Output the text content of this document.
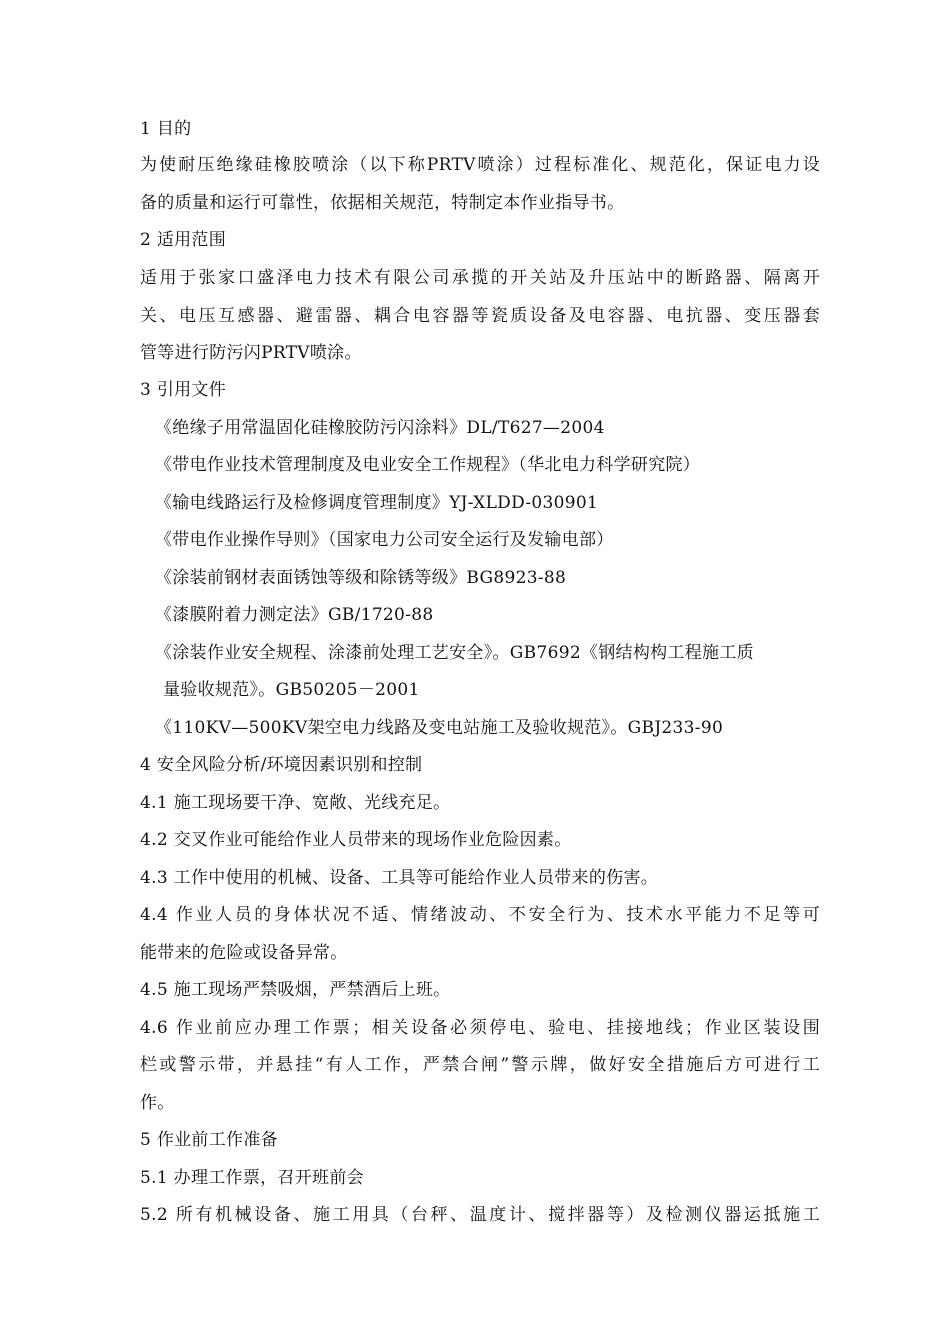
1 目的
为使耐压绝缘硅橡胶喷涂（以下称PRTV喷涂）过程标准化、规范化，保证电力设
备的质量和运行可靠性，依据相关规范，特制定本作业指导书。
2 适用范围
适用于张家口盛泽电力技术有限公司承揽的开关站及升压站中的断路器、隔离开
关、电压互感器、避雷器、耦合电容器等瓷质设备及电容器、电抗器、变压器套
管等进行防污闪PRTV喷涂。
3 引用文件
《绝缘子用常温固化硅橡胶防污闪涂料》DL/T627—2004
《带电作业技术管理制度及电业安全工作规程》（华北电力科学研究院）
《输电线路运行及检修调度管理制度》YJ-XLDD-030901
《带电作业操作导则》（国家电力公司安全运行及发输电部）
《涂装前钢材表面锈蚀等级和除锈等级》BG8923-88
《漆膜附着力测定法》GB/1720-88
《涂装作业安全规程、涂漆前处理工艺安全》。GB7692《钢结构构工程施工质
量验收规范》。GB50205－2001
《110KV—500KV架空电力线路及变电站施工及验收规范》。GBJ233-90
4 安全风险分析/环境因素识别和控制
4.1 施工现场要干净、宽敞、光线充足。
4.2 交叉作业可能给作业人员带来的现场作业危险因素。
4.3 工作中使用的机械、设备、工具等可能给作业人员带来的伤害。
4.4 作业人员的身体状况不适、情绪波动、不安全行为、技术水平能力不足等可
能带来的危险或设备异常。
4.5 施工现场严禁吸烟，严禁酒后上班。
4.6 作业前应办理工作票；相关设备必须停电、验电、挂接地线；作业区装设围
栏或警示带，并悬挂“有人工作，严禁合闸”警示牌，做好安全措施后方可进行工
作。
5 作业前工作准备
5.1 办理工作票，召开班前会
5.2 所有机械设备、施工用具（台秤、温度计、搅拌器等）及检测仪器运抵施工
